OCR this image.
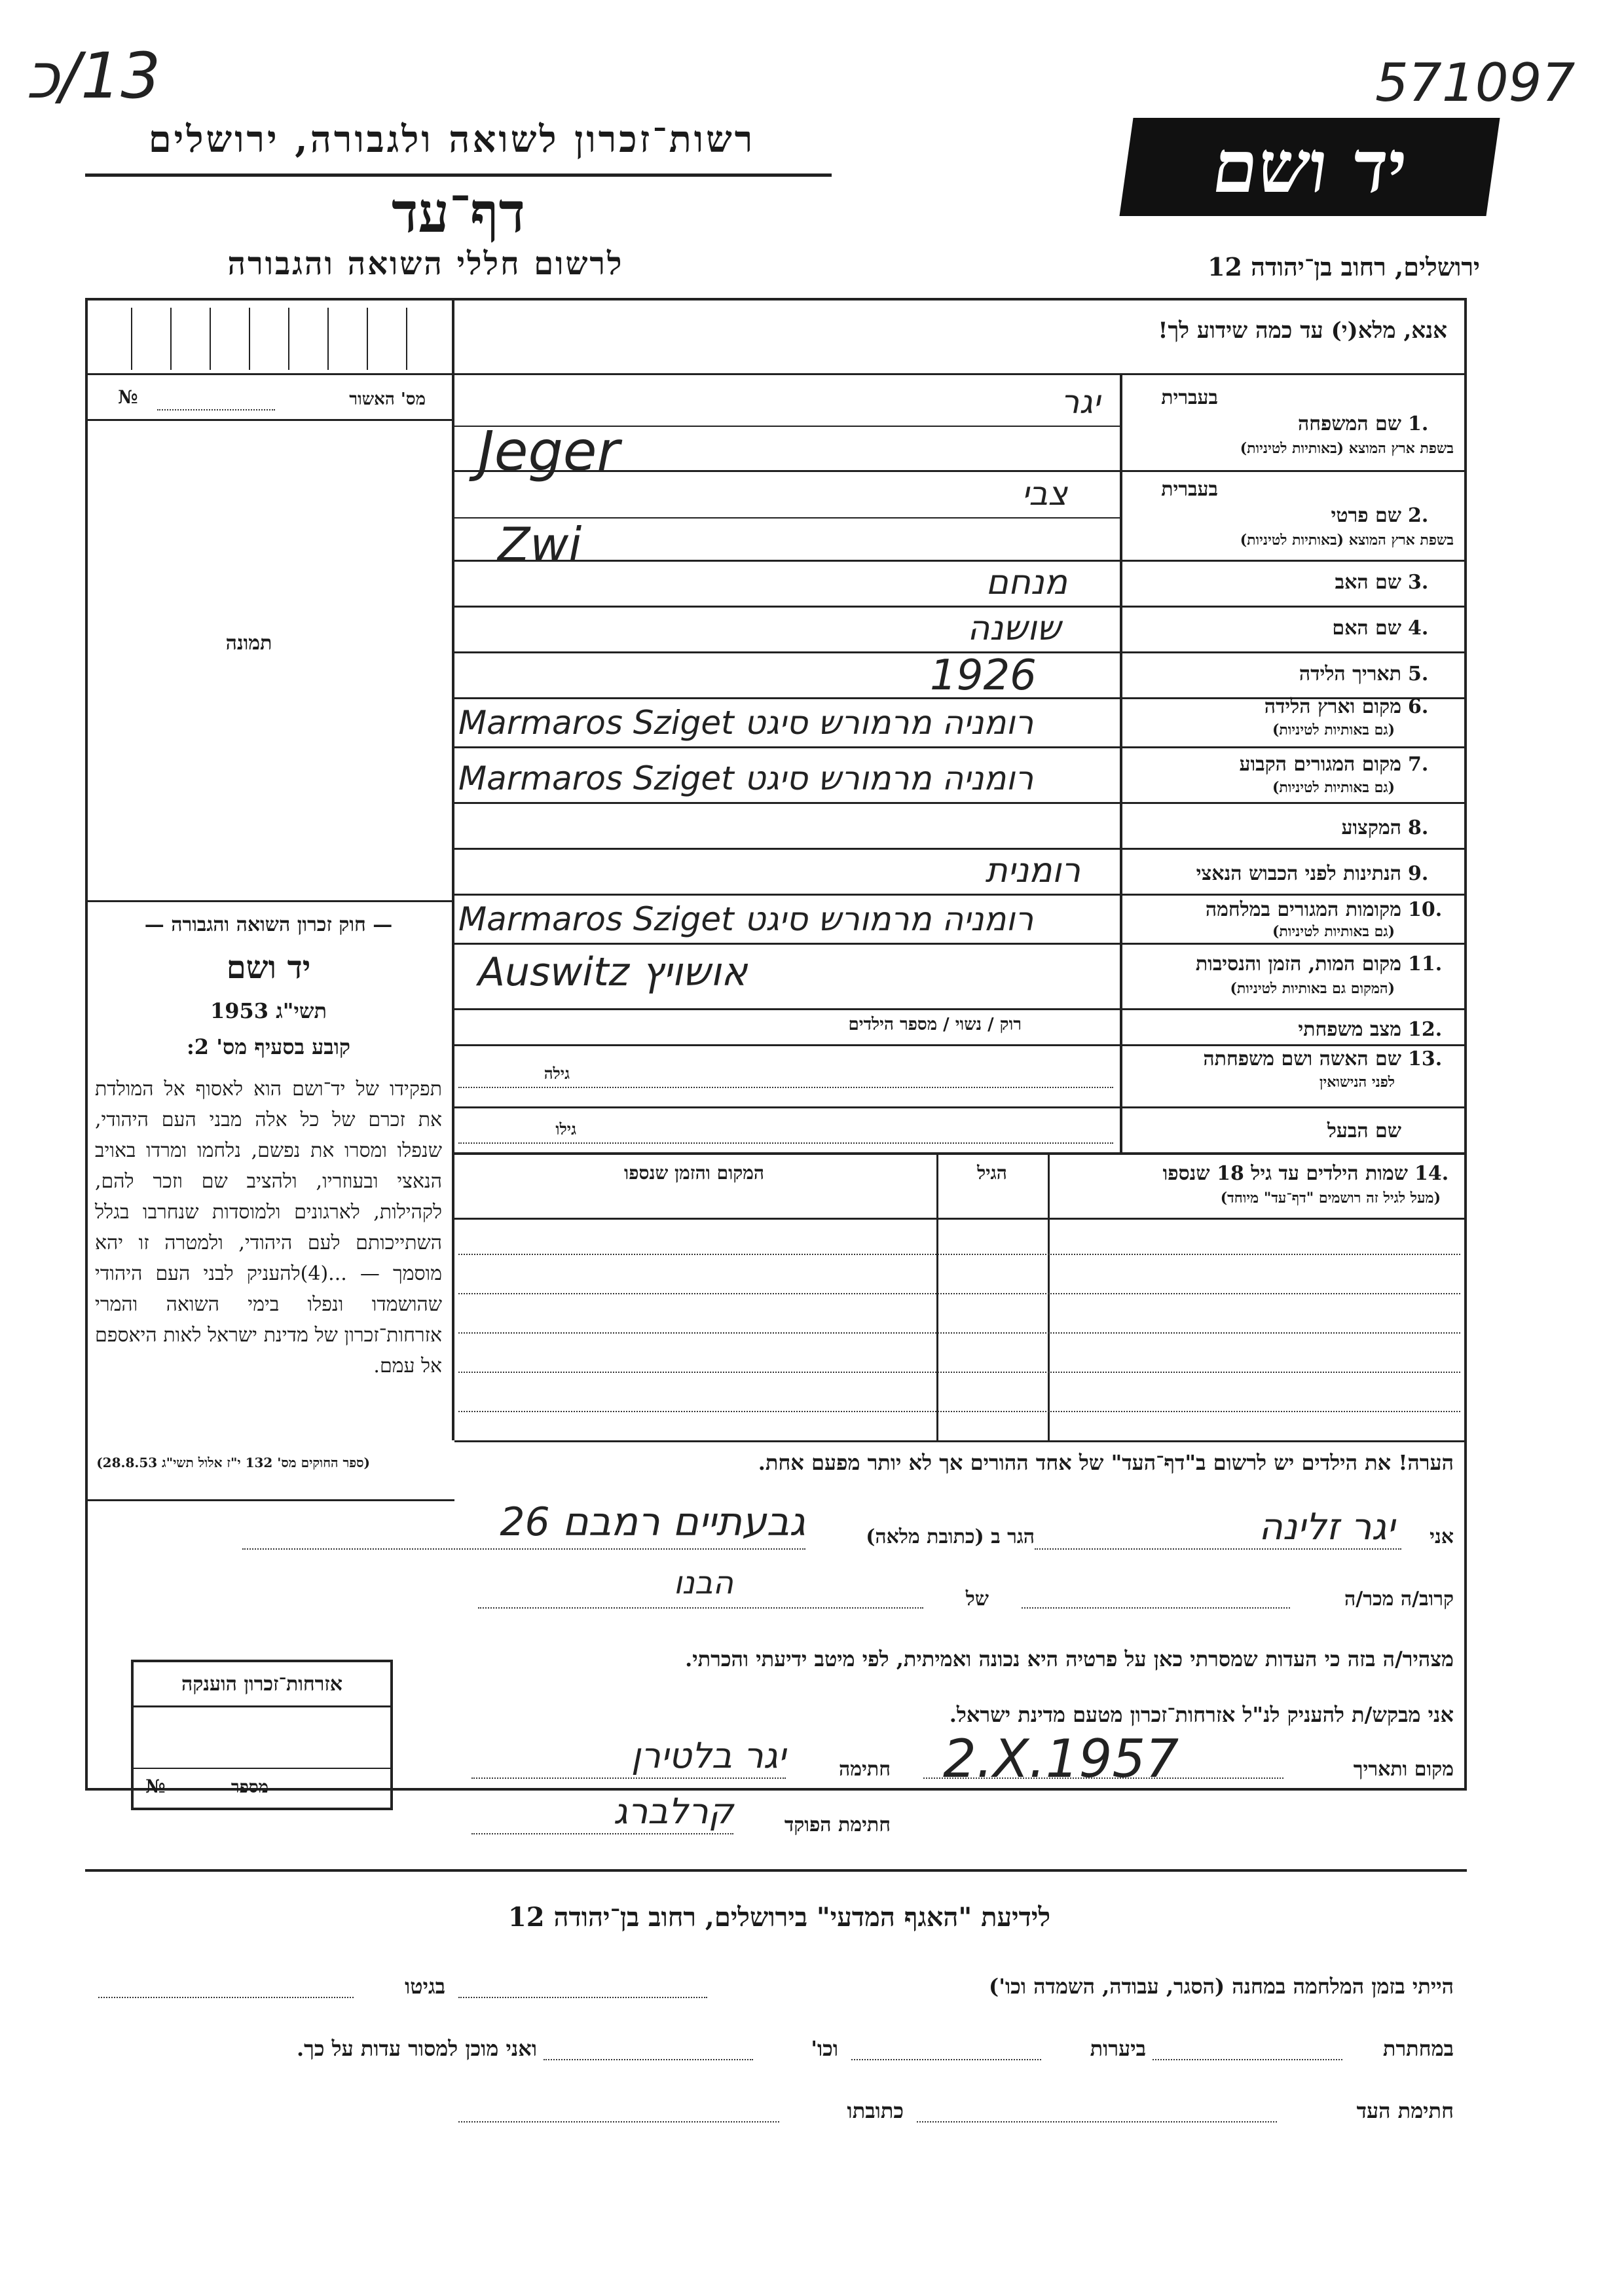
13/כ	571097
רשות־זכרון לשואה ולגבורה, ירושלים
דף־עד
לרשום חללי השואה והגבורה
יד ושם
ירושלים, רחוב בן־יהודה 12
אנא, מלא(י) עד כמה שידוע לך!
מס' האשור
№
תמונה
1.
בעברית
שם המשפחה
בשפת ארץ המוצא (באותיות לטיניות)
יגר
Jeger
2.
בעברית
שם פרטי
בשפת ארץ המוצא (באותיות לטיניות)
צבי
Zwi
3.
שם האב
מנחם
4.
שם האם
שושנה
5.
תאריך הלידה
1926
6.
מקום וארץ הלידה
(גם באותיות לטיניות)
Marmaros Sziget רומניה מרמורש סיגט
7.
מקום המגורים הקבוע
(גם באותיות לטיניות)
Marmaros Sziget רומניה מרמורש סיגט
8.
המקצוע
9.
הנתינות לפני הכבוש הנאצי
רומנית
10.
מקומות המגורים במלחמה
(גם באותיות לטיניות)
Marmaros Sziget רומניה מרמורש סיגט
11.
מקום המות, הזמן והנסיבות
(המקום גם באותיות לטיניות)
Auswitz אושויץ
12.
מצב משפחתי
רוק / נשוי / מספר הילדים
13.
שם האשה ושם משפחתה
לפני הנישואין
גילה
שם הבעל
גילו
14.
שמות הילדים עד גיל 18 שנספו
(מעל לגיל זה רושמים "דף־עד" מיוחד)
הגיל
המקום והזמן שנספו
— חוק זכרון השואה והגבורה —
יד ושם
תשי"ג 1953
קובע בסעיף מס' 2:
תפקידו של יד־ושם הוא לאסוף אל המולדת את זכרם של כל אלה מבני העם היהודי, שנפלו ומסרו את נפשם, נלחמו ומרדו באויב הנאצי ובעוזריו, ולהציב שם וזכר להם, לקהילות, לארגונים ולמוסדות שנחרבו בגלל השתייכותם לעם היהודי, ולמטרה זו יהא מוסמך — ...(4)להעניק לבני העם היהודי שהושמדו ונפלו בימי השואה והמרי אזרחות־זכרון של מדינת ישראל לאות היאספם אל עמם.
(ספר החוקים מס' 132 י"ז אלול תשי"ג 28.8.53)	הערה! את הילדים יש לרשום ב"דף־העד" של אחד ההורים אך לא יותר מפעם אחת.
אני
יגר זלינה
הגר ב (כתובת מלאה)
גבעתיים רמבם 26
קרוב/ה מכר/ה
של
הבנו
מצהיר/ה בזה כי העדות שמסרתי כאן על פרטיה היא נכונה ואמיתית, לפי מיטב ידיעתי והכרתי.
אני מבקש/ת להעניק לנ"ל אזרחות־זכרון מטעם מדינת ישראל.
מקום ותאריך
2.X.1957
חתימה
יגר בלטירן
חתימת הפוקד
קרלברג
אזרחות־זכרון הוענקה
מספר
№
לידיעת "האגף המדעי" בירושלים, רחוב בן־יהודה 12
הייתי בזמן המלחמה במחנה (הסגר, עבודה, השמדה וכו')
בגיטו
במחתרת
ביערות
וכו'
ואני מוכן למסור עדות על כך.
חתימת העד
כתובתו
